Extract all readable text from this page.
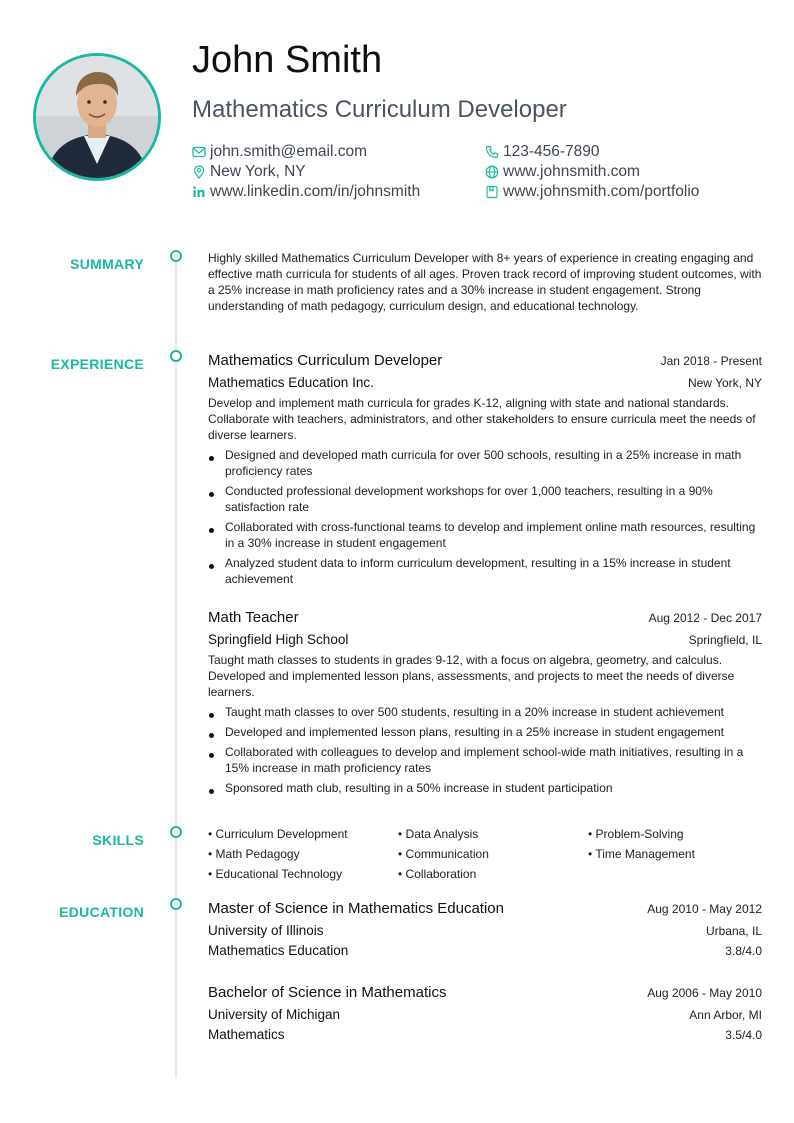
John Smith
Mathematics Curriculum Developer
john.smith@email.com	123-456-7890
New York, NY	www.johnsmith.com
www.linkedin.com/in/johnsmith	www.johnsmith.com/portfolio
SUMMARY
EXPERIENCE
SKILLS
EDUCATION

Highly skilled Mathematics Curriculum Developer with 8+ years of experience in creating engaging and effective math curricula for students of all ages. Proven track record of improving student outcomes, with a 25% increase in math proficiency rates and a 30% increase in student engagement. Strong understanding of math pedagogy, curriculum design, and educational technology.

Mathematics Curriculum Developer	Jan 2018 - Present
Mathematics Education Inc.	New York, NY

Develop and implement math curricula for grades K-12, aligning with state and national standards. Collaborate with teachers, administrators, and other stakeholders to ensure curricula meet the needs of diverse learners.

Designed and developed math curricula for over 500 schools, resulting in a 25% increase in math proficiency rates
Conducted professional development workshops for over 1,000 teachers, resulting in a 90% satisfaction rate
Collaborated with cross-functional teams to develop and implement online math resources, resulting in a 30% increase in student engagement
Analyzed student data to inform curriculum development, resulting in a 15% increase in student achievement
Math Teacher	Aug 2012 - Dec 2017
Springfield High School	Springfield, IL

Taught math classes to students in grades 9-12, with a focus on algebra, geometry, and calculus. Developed and implemented lesson plans, assessments, and projects to meet the needs of diverse learners.

Taught math classes to over 500 students, resulting in a 20% increase in student achievement
Developed and implemented lesson plans, resulting in a 25% increase in student engagement
Collaborated with colleagues to develop and implement school-wide math initiatives, resulting in a 15% increase in math proficiency rates
Sponsored math club, resulting in a 50% increase in student participation
• Curriculum Development	• Data Analysis	• Problem-Solving
• Math Pedagogy	• Communication	• Time Management
• Educational Technology	• Collaboration
Master of Science in Mathematics Education	Aug 2010 - May 2012
University of Illinois	Urbana, IL
Mathematics Education	3.8/4.0
Bachelor of Science in Mathematics	Aug 2006 - May 2010
University of Michigan	Ann Arbor, MI
Mathematics	3.5/4.0
